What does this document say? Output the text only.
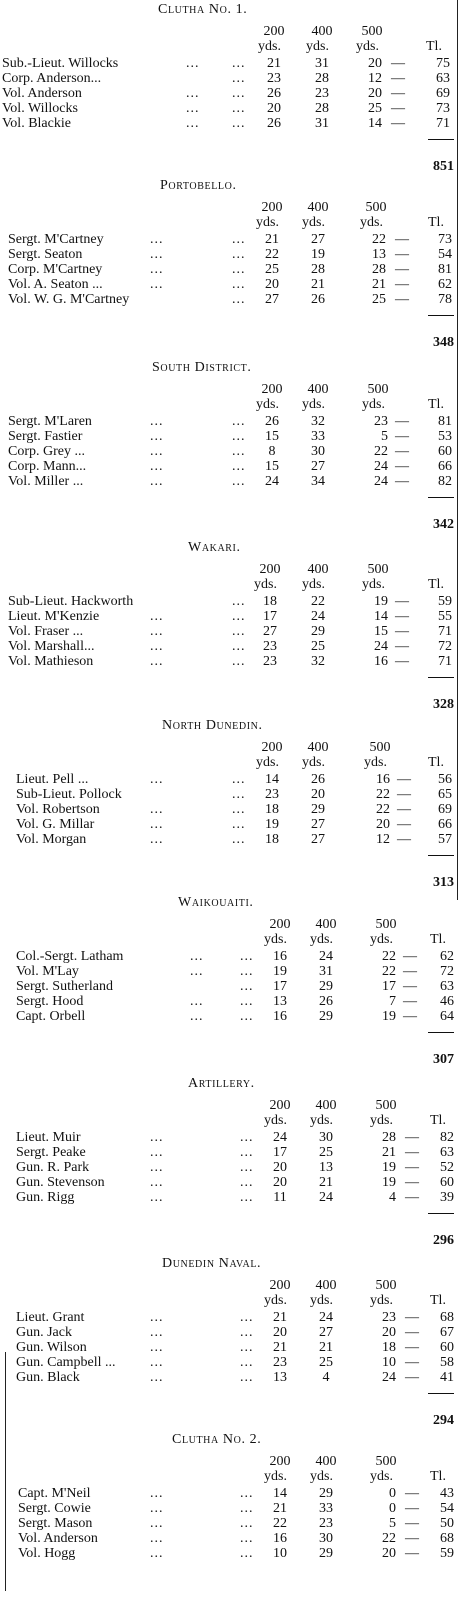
Clutha No. 1.
200 400 500
yds. yds. yds.	Tl.
Sub.-Lieut. Willocks	... ...	21	31	20 —	75
Corp. Anderson...	...	23	28	12 —	63
Vol. Anderson	... ...	26	23	20 —	69
Vol. Willocks	... ...	20	28	25 —	73
Vol. Blackie	... ...	26	31	14 —	71
851
Portobello.
200 400	500
yds. yds.	yds.	Tl.
Sergt. M'Cartney	...	...	21	27	22 —	73
Sergt. Seaton	...	...	22	19	13 —	54
Corp. M'Cartney	...	...	25	28	28 —	81
Vol. A. Seaton ...	...	...	20	21	21 —	62
Vol. W. G. M'Cartney	...	27	26	25 —	78
348
South District.
200 400	500
yds. yds.	yds.	Tl.
Sergt. M'Laren	...	...	26	32	23 —	81
Sergt. Fastier	...	...	15	33	5 —	53
Corp. Grey ...	...	...	8	30	22 —	60
Corp. Mann...	...	...	15	27	24 —	66
Vol. Miller ...	...	...	24	34	24 —	82
342
Wakari.
200 400	500
yds. yds.	yds.	Tl.
Sub-Lieut. Hackworth	...	18	22	19 —	59
Lieut. M'Kenzie	...	...	17	24	14 —	55
Vol. Fraser ...	...	...	27	29	15 —	71
Vol. Marshall...	...	...	23	25	24 —	72
Vol. Mathieson	...	...	23	32	16 —	71
328
North Dunedin.
200 400	500
yds. yds.	yds.	Tl.
Lieut. Pell ...	...	...	14	26	16 —	56
Sub-Lieut. Pollock	...	23	20	22 —	65
Vol. Robertson	...	...	18	29	22 —	69
Vol. G. Millar	...	...	19	27	20 —	66
Vol. Morgan	...	...	18	27	12 —	57
313
Waikouaiti.
200 400	500
yds. yds.	yds.	Tl.
Col.-Sergt. Latham	...	...	16	24	22 —	62
Vol. M'Lay	...	...	19	31	22 —	72
Sergt. Sutherland	...	17	29	17 —	63
Sergt. Hood	...	...	13	26	7 —	46
Capt. Orbell	...	...	16	29	19 —	64
307
Artillery.
200 400	500
yds. yds.	yds.	Tl.
Lieut. Muir	...	...	24	30	28 —	82
Sergt. Peake	...	...	17	25	21 —	63
Gun. R. Park	...	...	20	13	19 —	52
Gun. Stevenson	...	...	20	21	19 —	60
Gun. Rigg	...	...	11	24	4 —	39
296
Dunedin Naval.
200 400	500
yds. yds.	yds.	Tl.
Lieut. Grant	...	...	21	24	23 —	68
Gun. Jack	...	...	20	27	20 —	67
Gun. Wilson	...	...	21	21	18 —	60
Gun. Campbell ... ...	...	23	25	10 —	58
Gun. Black	...	...	13	4	24 —	41
294
Clutha No. 2.
200 400	500
yds. yds.	yds.	Tl.
Capt. M'Neil	...	...	14	29	0 —	43
Sergt. Cowie	...	...	21	33	0 —	54
Sergt. Mason	...	...	22	23	5 —	50
Vol. Anderson	...	...	16	30	22 —	68
Vol. Hogg	...	...	10	29	20 —	59
